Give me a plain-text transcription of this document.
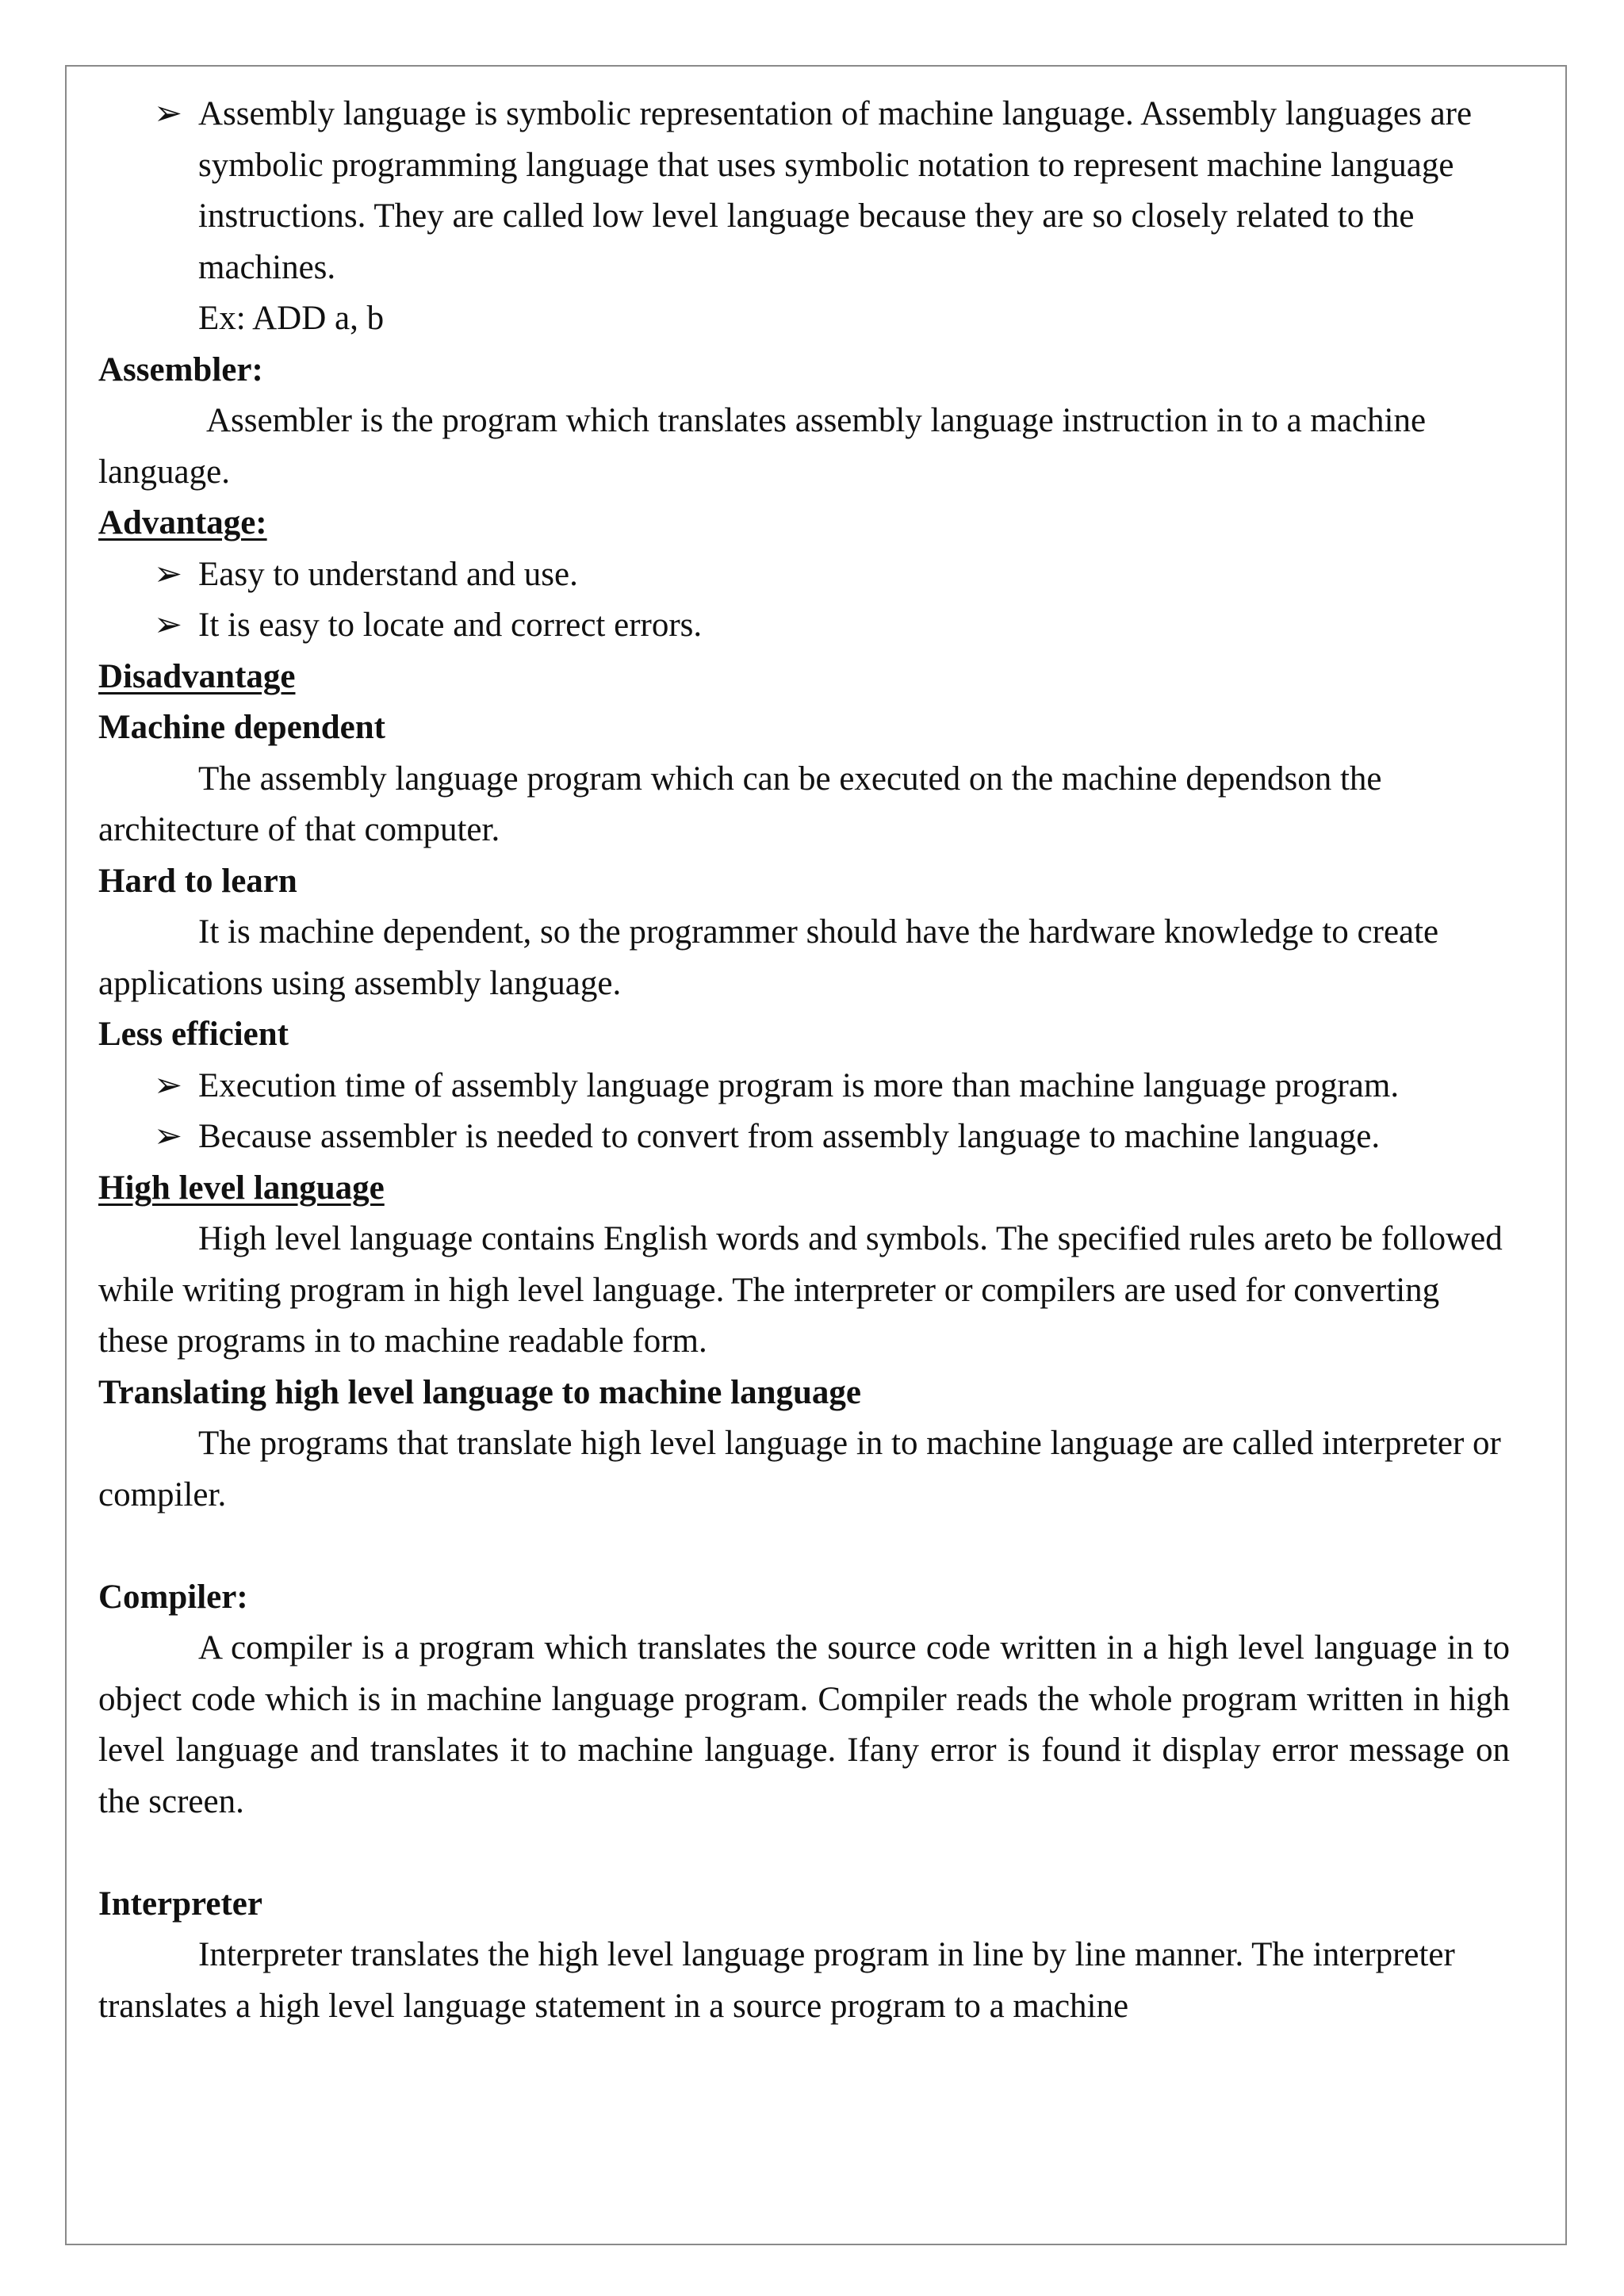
➢ Assembly language is symbolic representation of machine language. Assembly languages are symbolic programming language that uses symbolic notation to represent machine language instructions. They are called low level language because they are so closely related to the machines.

Ex: ADD a, b

Assembler:

Assembler is the program which translates assembly language instruction in to a machine language.

Advantage:

➢ Easy to understand and use.
➢ It is easy to locate and correct errors.

Disadvantage

Machine dependent

The assembly language program which can be executed on the machine dependson the architecture of that computer.

Hard to learn

It is machine dependent, so the programmer should have the hardware knowledge to create applications using assembly language.

Less efficient

➢ Execution time of assembly language program is more than machine language program.
➢ Because assembler is needed to convert from assembly language to machine language.

High level language

High level language contains English words and symbols. The specified rules areto be followed while writing program in high level language. The interpreter or compilers are used for converting these programs in to machine readable form.

Translating high level language to machine language

The programs that translate high level language in to machine language are called interpreter or compiler.

Compiler:

A compiler is a program which translates the source code written in a high level language in to object code which is in machine language program. Compiler reads the whole program written in high level language and translates it to machine language. Ifany error is found it display error message on the screen.

Interpreter

Interpreter translates the high level language program in line by line manner. The interpreter translates a high level language statement in a source program to a machine
